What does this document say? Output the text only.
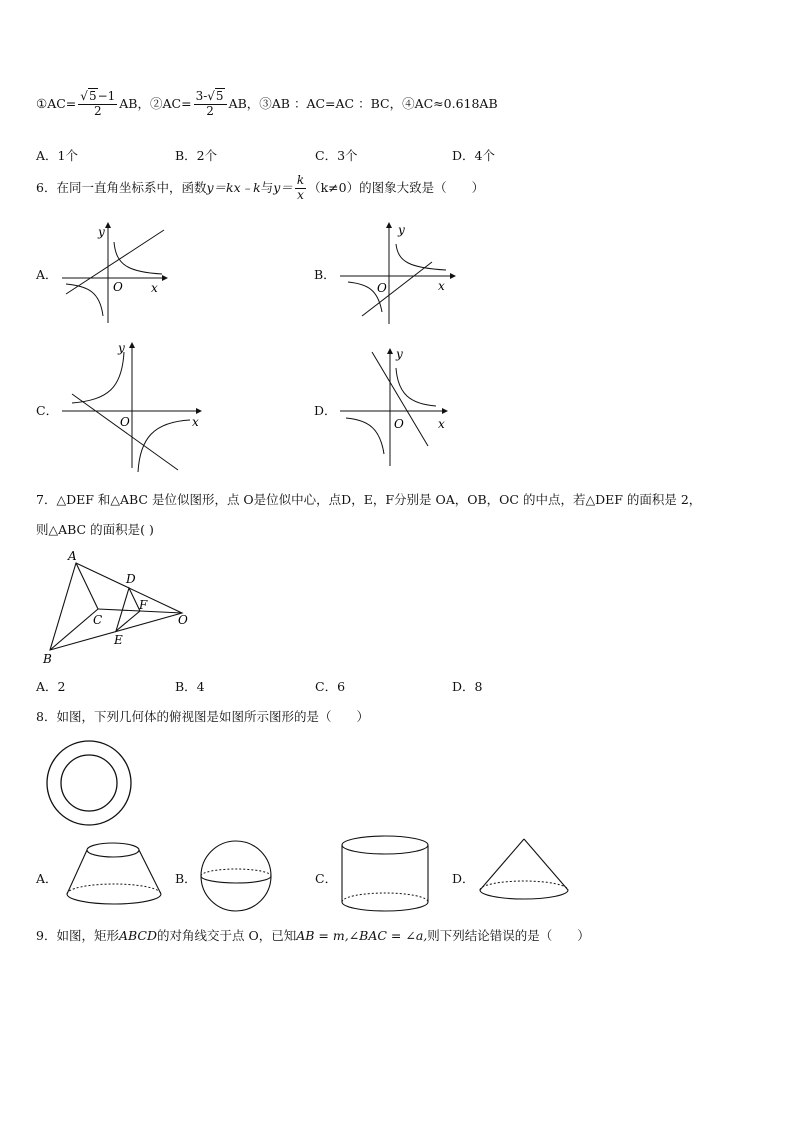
①AC= $\frac{√5-1}{2}$ AB，②AC= $\frac{3-√5}{2}$ AB，③AB ：AC=AC ：BC，④AC≈0.618AB
A．1个	B．2个	C．3个	D．4个
6．在同一直角坐标系中，函数y＝kx﹣k与$y= \frac{k}{x} (k\ne 0)$的图象大致是（　　）
A．
y
O x
B．
y
O	x
C．
y
O	x
D．
y
O	x
7．△DEF 和△ABC 是位似图形，点 O是位似中心，点D，E，F分别是 OA，OB，OC 的中点，若△DEF 的面积是 2，
则△ABC 的面积是( )
A
B
C
D
E
F
O
A．2	B．4	C．6	D．8
8．如图，下列几何体的俯视图是如图所示图形的是（　　）
A．	B．	C．	D．
9．如图，矩形ABCD的对角线交于点 O，已知AB = m,∠BAC = ∠a,则下列结论错误的是（　　）
